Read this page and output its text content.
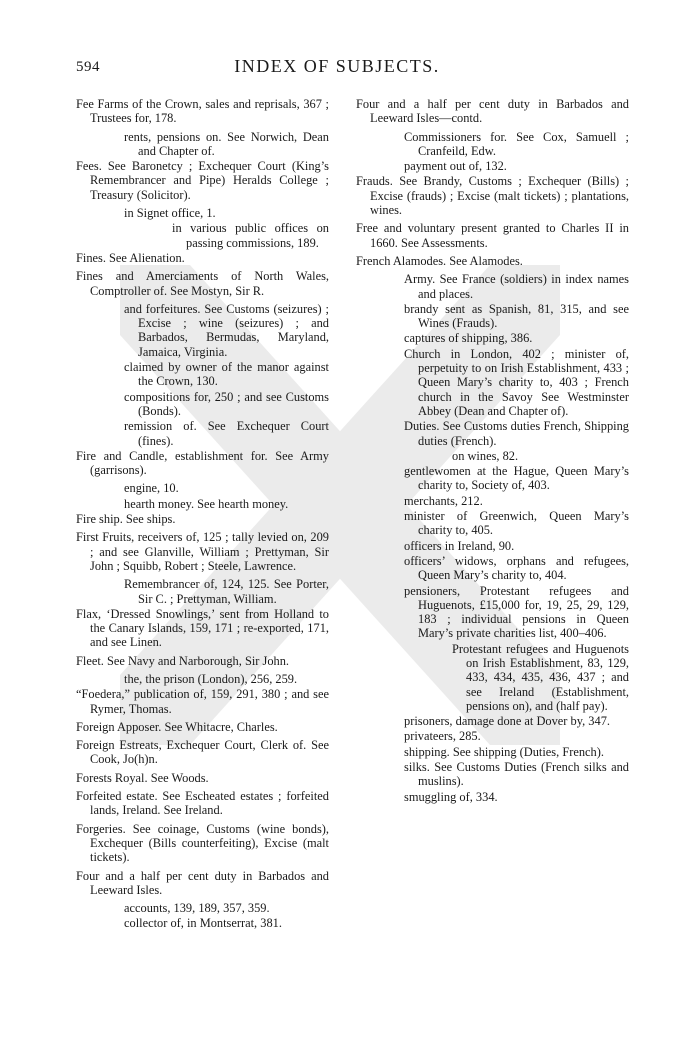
594	INDEX OF SUBJECTS.
Fee Farms of the Crown, sales and reprisals, 367 ; Trustees for, 178.
rents, pensions on. See Norwich, Dean and Chapter of.
Fees. See Baronetcy ; Exchequer Court (King’s Remembrancer and Pipe) Heralds College ; Treasury (Solicitor).
in Signet office, 1.
in various public offices on passing commissions, 189.
Fines. See Alienation.
Fines and Amerciaments of North Wales, Comptroller of. See Mostyn, Sir R.
and forfeitures. See Customs (seizures) ; Excise ; wine (seizures) ; and Barbados, Bermudas, Maryland, Jamaica, Virginia.
claimed by owner of the manor against the Crown, 130.
compositions for, 250 ; and see Customs (Bonds).
remission of. See Exchequer Court (fines).
Fire and Candle, establishment for. See Army (garrisons).
engine, 10.
hearth money. See hearth money.
Fire ship. See ships.
First Fruits, receivers of, 125 ; tally levied on, 209 ; and see Glanville, William ; Prettyman, Sir John ; Squibb, Robert ; Steele, Lawrence.
Remembrancer of, 124, 125. See Porter, Sir C. ; Prettyman, William.
Flax, ‘Dressed Snowlings,’ sent from Holland to the Canary Islands, 159, 171 ; re-exported, 171, and see Linen.
Fleet. See Navy and Narborough, Sir John.
the, the prison (London), 256, 259.
“Foedera,” publication of, 159, 291, 380 ; and see Rymer, Thomas.
Foreign Apposer. See Whitacre, Charles.
Foreign Estreats, Exchequer Court, Clerk of. See Cook, Jo(h)n.
Forests Royal. See Woods.
Forfeited estate. See Escheated estates ; forfeited lands, Ireland. See Ireland.
Forgeries. See coinage, Customs (wine bonds), Exchequer (Bills counterfeiting), Excise (malt tickets).
Four and a half per cent duty in Barbados and Leeward Isles.
accounts, 139, 189, 357, 359.
collector of, in Montserrat, 381.
Four and a half per cent duty in Barbados and Leeward Isles—contd.
Commissioners for. See Cox, Samuell ; Cranfeild, Edw.
payment out of, 132.
Frauds. See Brandy, Customs ; Exchequer (Bills) ; Excise (frauds) ; Excise (malt tickets) ; plantations, wines.
Free and voluntary present granted to Charles II in 1660. See Assessments.
French Alamodes. See Alamodes.
Army. See France (soldiers) in index names and places.
brandy sent as Spanish, 81, 315, and see Wines (Frauds).
captures of shipping, 386.
Church in London, 402 ; minister of, perpetuity to on Irish Establishment, 433 ; Queen Mary’s charity to, 403 ; French church in the Savoy See Westminster Abbey (Dean and Chapter of).
Duties. See Customs duties French, Shipping duties (French).
on wines, 82.
gentlewomen at the Hague, Queen Mary’s charity to, Society of, 403.
merchants, 212.
minister of Greenwich, Queen Mary’s charity to, 405.
officers in Ireland, 90.
officers’ widows, orphans and refugees, Queen Mary’s charity to, 404.
pensioners, Protestant refugees and Huguenots, £15,000 for, 19, 25, 29, 129, 183 ; individual pensions in Queen Mary’s private charities list, 400–406.
Protestant refugees and Huguenots on Irish Establishment, 83, 129, 433, 434, 435, 436, 437 ; and see Ireland (Establishment, pensions on), and (half pay).
prisoners, damage done at Dover by, 347.
privateers, 285.
shipping. See shipping (Duties, French).
silks. See Customs Duties (French silks and muslins).
smuggling of, 334.
